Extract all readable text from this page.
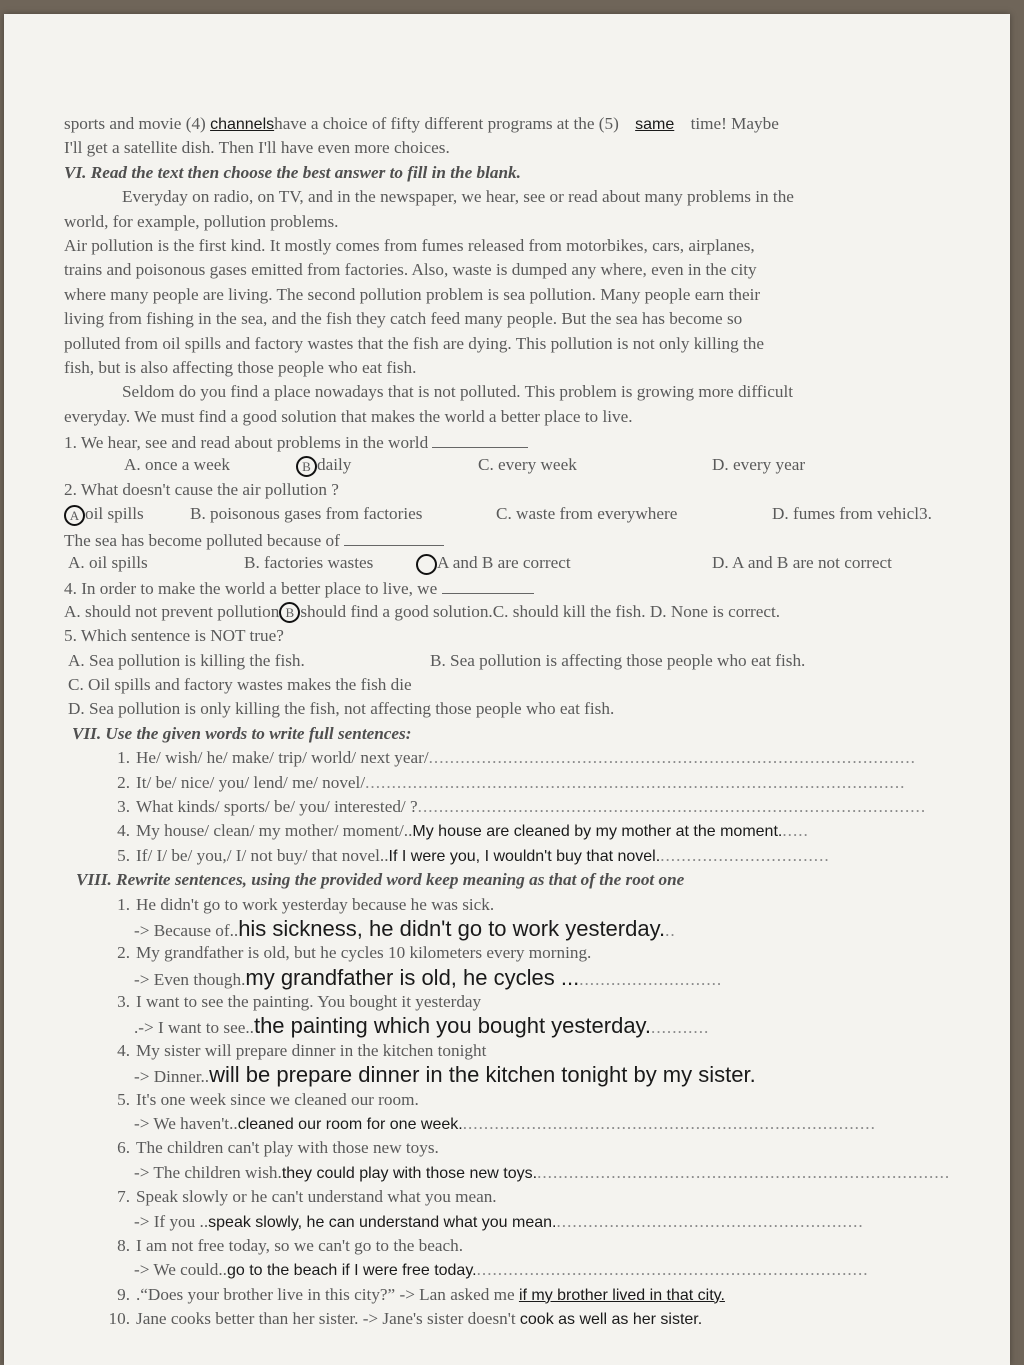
sports and movie (4) channelshave a choice of fifty different programs at the (5) same time! Maybe
I'll get a satellite dish. Then I'll have even more choices.
VI. Read the text then choose the best answer to fill in the blank.
Everyday on radio, on TV, and in the newspaper, we hear, see or read about many problems in the
world, for example, pollution problems.
Air pollution is the first kind. It mostly comes from fumes released from motorbikes, cars, airplanes,
trains and poisonous gases emitted from factories. Also, waste is dumped any where, even in the city
where many people are living. The second pollution problem is sea pollution. Many people earn their
living from fishing in the sea, and the fish they catch feed many people. But the sea has become so
polluted from oil spills and factory wastes that the fish are dying. This pollution is not only killing the
fish, but is also affecting those people who eat fish.
Seldom do you find a place nowadays that is not polluted. This problem is growing more difficult
everyday. We must find a good solution that makes the world a better place to live.
1. We hear, see and read about problems in the world
A. once a week	B daily	C. every week	D. every year
2. What doesn't cause the air pollution ?
A oil spills	B. poisonous gases from factories	C. waste from everywhere	D. fumes from vehicl3.
The sea has become polluted because of
A. oil spills	B. factories wastes	A and B are correct	D. A and B are not correct
4. In order to make the world a better place to live, we
A. should not prevent pollution B should find a good solution.C. should kill the fish. D. None is correct.
5. Which sentence is NOT true?
A. Sea pollution is killing the fish.	B. Sea pollution is affecting those people who eat fish.
C. Oil spills and factory wastes makes the fish die
D. Sea pollution is only killing the fish, not affecting those people who eat fish.
VII. Use the given words to write full sentences:
1. He/ wish/ he/ make/ trip/ world/ next year/............................................................................................
2. It/ be/ nice/ you/ lend/ me/ novel/......................................................................................................
3. What kinds/ sports/ be/ you/ interested/ ?................................................................................................
4. My house/ clean/ my mother/ moment/..My house are cleaned by my mother at the moment......
5. If/ I/ be/ you,/ I/ not buy/ that novel..If I were you, I wouldn't buy that novel.................................
VIII. Rewrite sentences, using the provided word keep meaning as that of the root one
1. He didn't go to work yesterday because he was sick.
-> Because of..his sickness, he didn't go to work yesterday...
2. My grandfather is old, but he cycles 10 kilometers every morning.
-> Even though.my grandfather is old, he cycles ..............................
3. I want to see the painting. You bought it yesterday
.-> I want to see..the painting which you bought yesterday............
4. My sister will prepare dinner in the kitchen tonight
-> Dinner..will be prepare dinner in the kitchen tonight by my sister.
5. It's one week since we cleaned our room.
-> We haven't..cleaned our room for one week...............................................................................
6. The children can't play with those new toys.
-> The children wish.they could play with those new toys...............................................................................
7. Speak slowly or he can't understand what you mean.
-> If you ..speak slowly, he can understand what you mean...........................................................
8. I am not free today, so we can't go to the beach.
-> We could..go to the beach if I were free today...........................................................................
9. .“Does your brother live in this city?” -> Lan asked me if my brother lived in that city.
10. Jane cooks better than her sister. -> Jane's sister doesn't cook as well as her sister.
